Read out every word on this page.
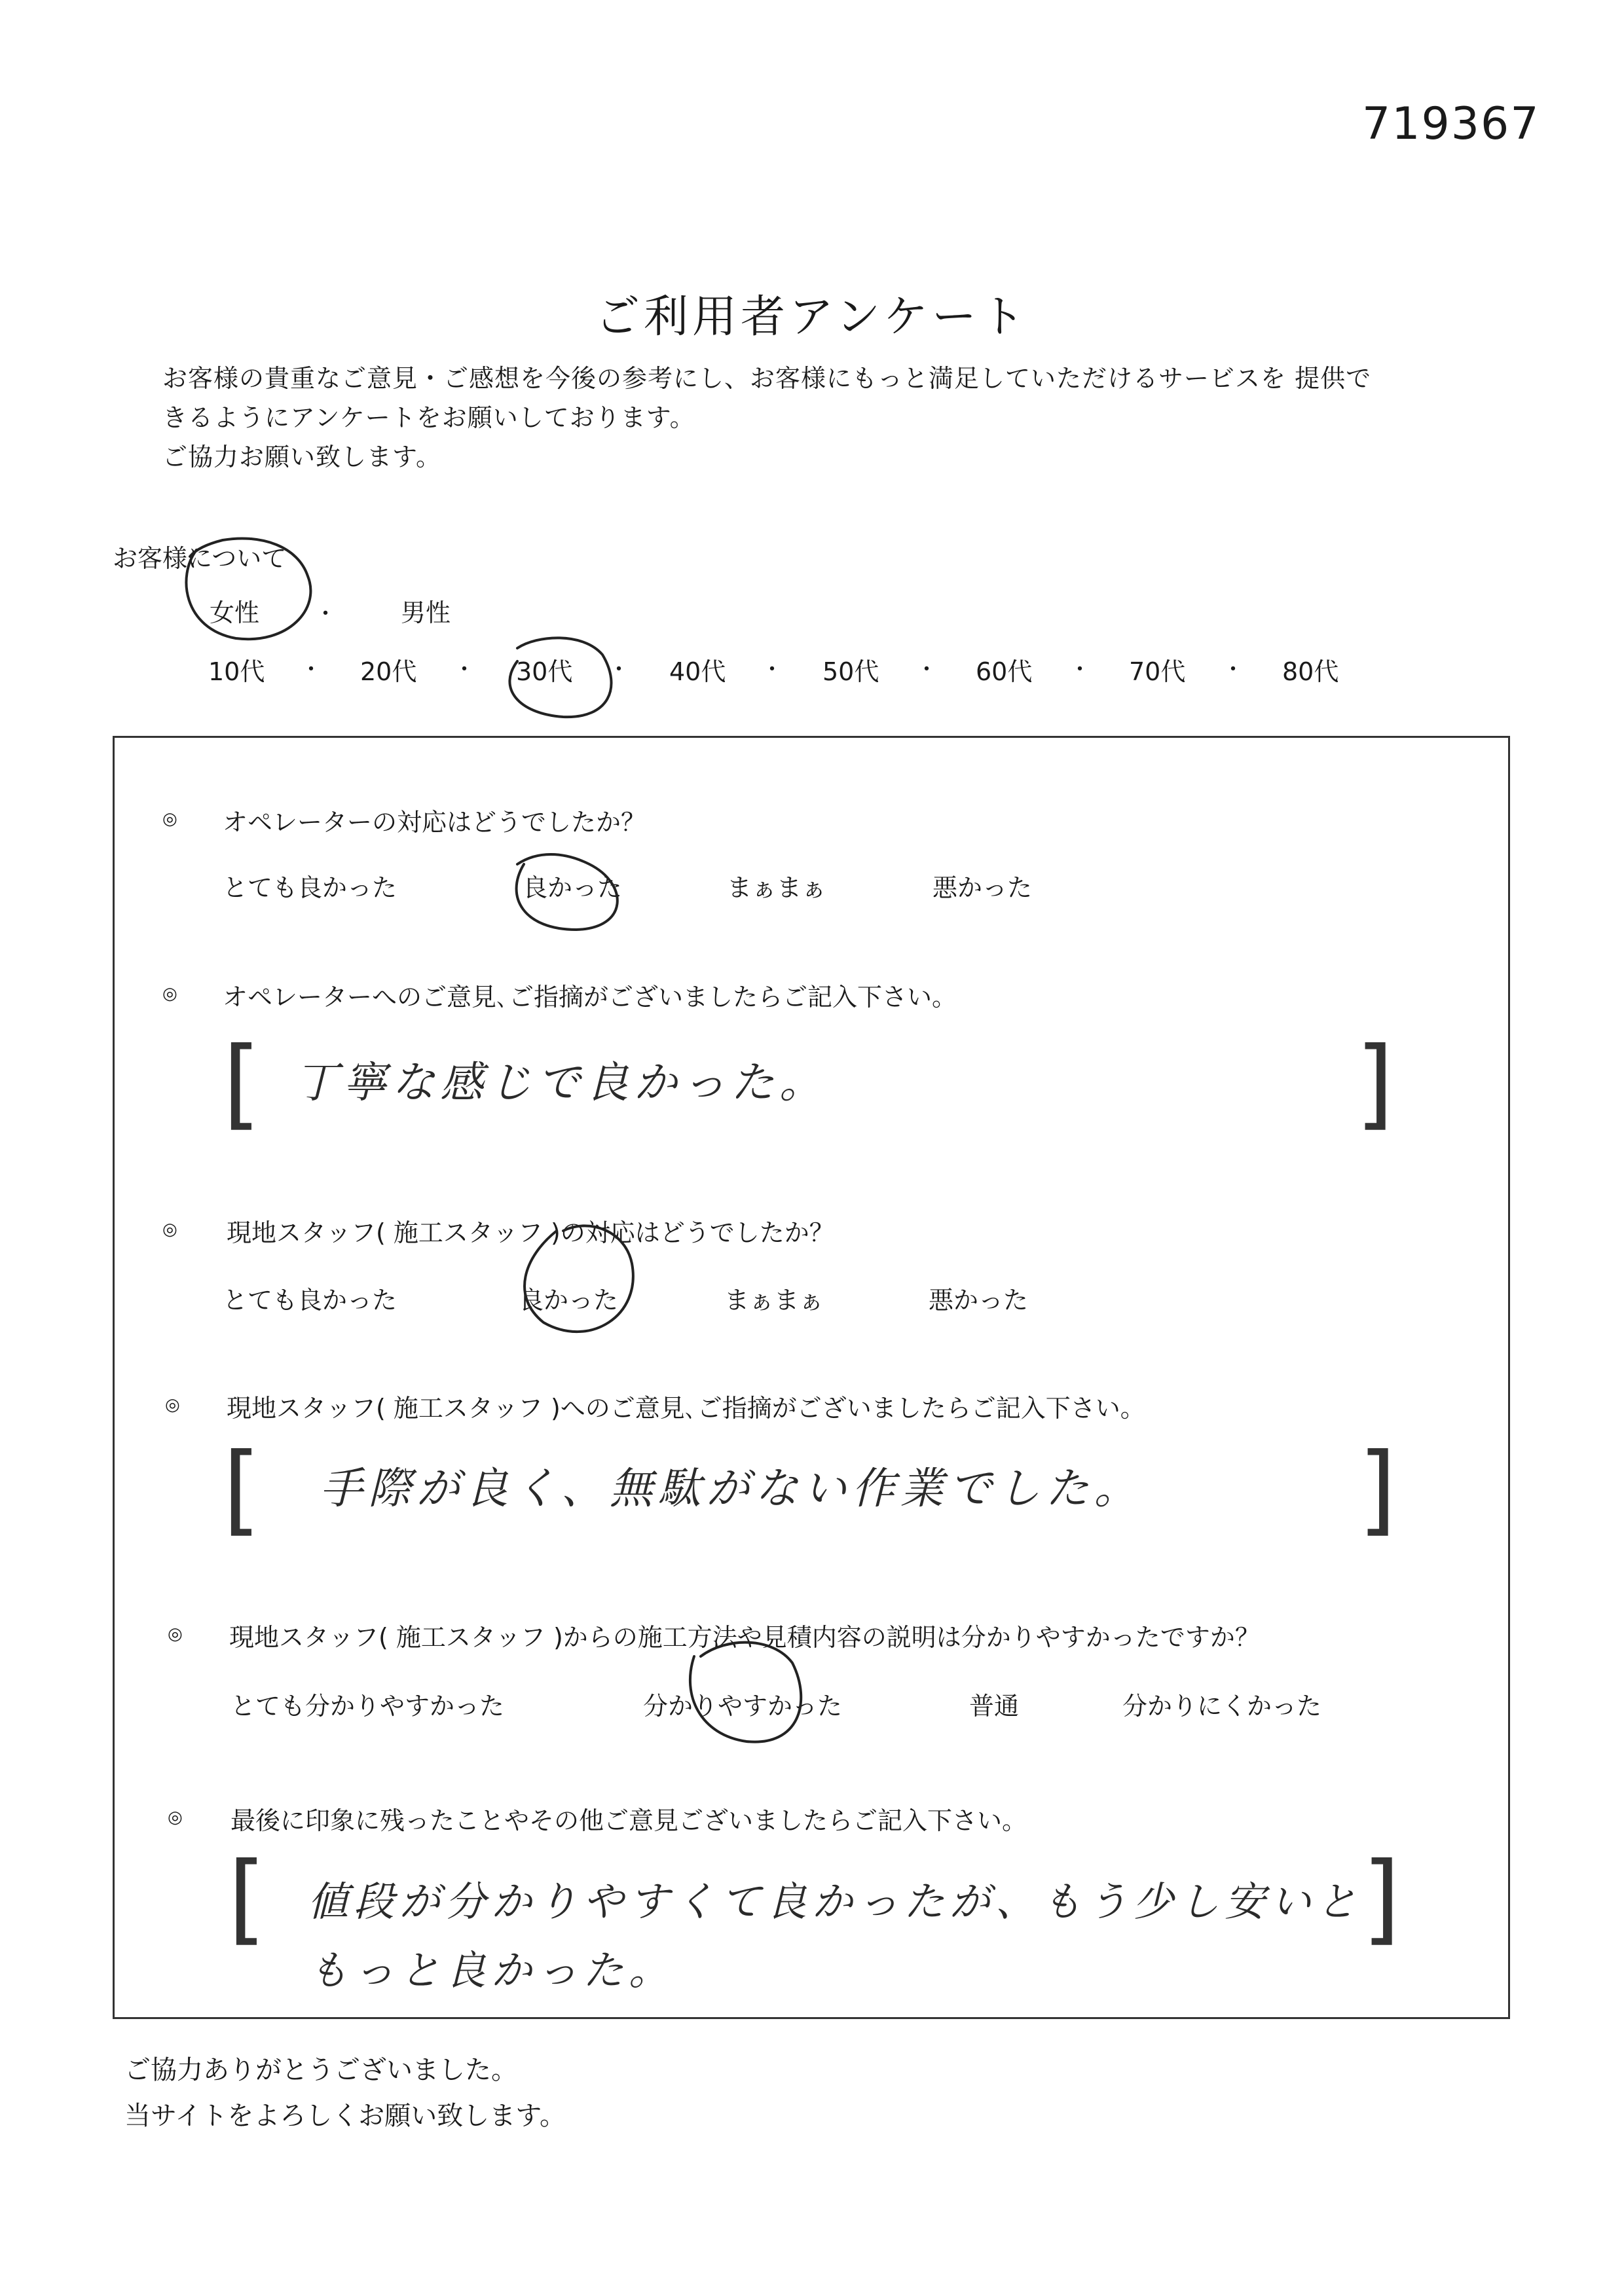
719367
ご利用者アンケート
お客様の貴重なご意見・ご感想を今後の参考にし、お客様にもっと満足していただけるサービスを 提供で
きるようにアンケートをお願いしております。
ご協力お願い致します。
お客様について
女性 ・	男性
10代 ・ 20代 ・ 30代 ・ 40代 ・ 50代 ・ 60代 ・ 70代 ・ 80代
◎ オペレーターの対応はどうでしたか？
とても良かった	良かった	まぁまぁ	悪かった
◎ オペレーターへのご意見､ご指摘がございましたらご記入下さい。
[	]
丁寧な感じで良かった。
◎ 現地スタッフ( 施工スタッフ )の対応はどうでしたか？
とても良かった	良かった	まぁまぁ	悪かった
◎ 現地スタッフ( 施工スタッフ )へのご意見､ご指摘がございましたらご記入下さい。
[	]
手際が良く、無駄がない作業でした。
◎ 現地スタッフ( 施工スタッフ )からの施工方法や見積内容の説明は分かりやすかったですか？
とても分かりやすかった	分かりやすかった	普通	分かりにくかった
◎ 最後に印象に残ったことやその他ご意見ございましたらご記入下さい。
[	]
値段が分かりやすくて良かったが、もう少し安いと
もっと良かった。
ご協力ありがとうございました。
当サイトをよろしくお願い致します。
